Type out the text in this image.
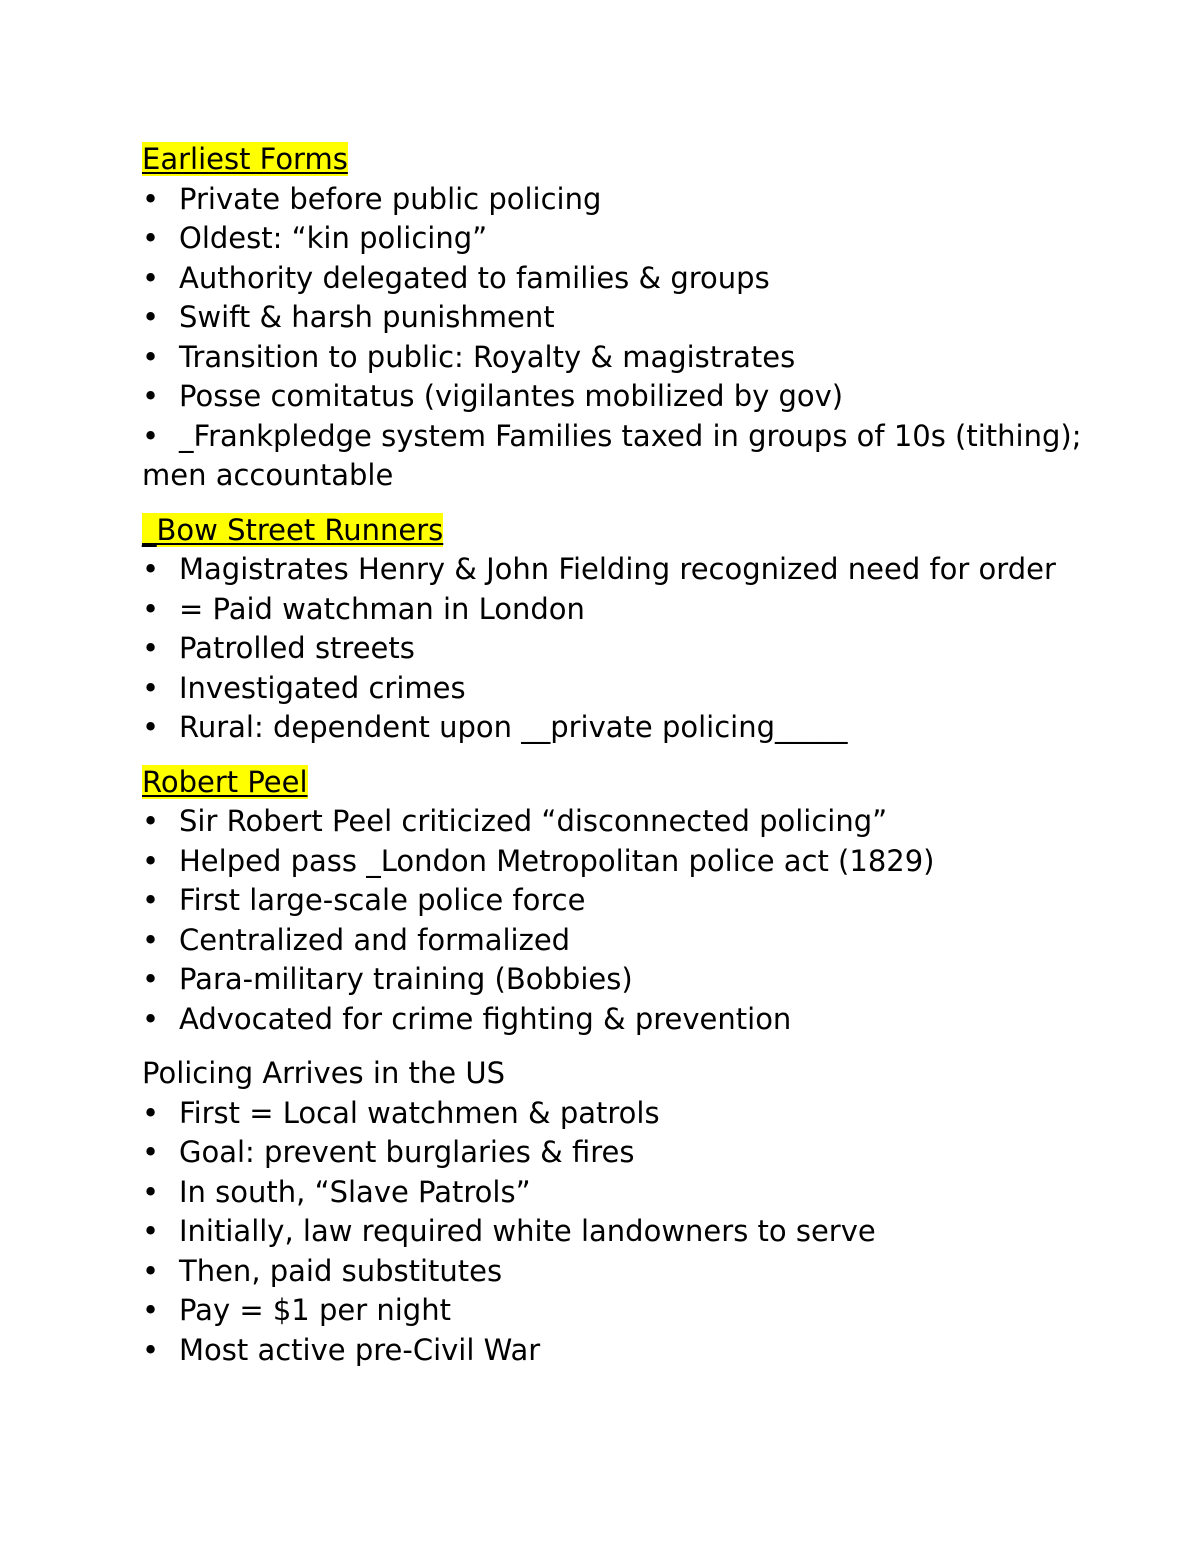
Earliest Forms
• Private before public policing
• Oldest: “kin policing”
• Authority delegated to families & groups
• Swift & harsh punishment
• Transition to public: Royalty & magistrates
• Posse comitatus (vigilantes mobilized by gov)
• _Frankpledge system Families taxed in groups of 10s (tithing); men accountable
_Bow Street Runners
• Magistrates Henry & John Fielding recognized need for order
• = Paid watchman in London
• Patrolled streets
• Investigated crimes
• Rural: dependent upon __private policing_____
Robert Peel
• Sir Robert Peel criticized “disconnected policing”
• Helped pass _London Metropolitan police act (1829)
• First large-scale police force
• Centralized and formalized
• Para-military training (Bobbies)
• Advocated for crime fighting & prevention
Policing Arrives in the US
• First = Local watchmen & patrols
• Goal: prevent burglaries & fires
• In south, “Slave Patrols”
• Initially, law required white landowners to serve
• Then, paid substitutes
• Pay = $1 per night
• Most active pre-Civil War
